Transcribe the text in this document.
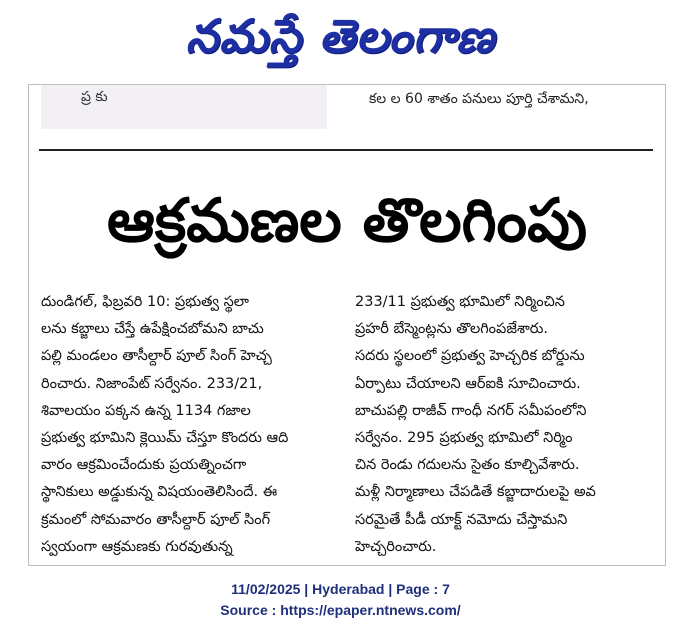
నమస్తే తెలంగాణ
ప్ర కు	కల ల 60 శాతం పనులు పూర్తి చేశామని,
ఆక్రమణల తొలగింపు
దుండిగల్‌, ఫిబ్రవరి 10: ప్రభుత్వ స్థలా
లను కబ్జాలు చేస్తే ఉపేక్షించబోమని బాచు
పల్లి మండలం తాసీల్దార్‌ పూల్‌ సింగ్‌ హెచ్చ
రించారు. నిజాంపేట్‌ సర్వేనం. 233/21,
శివాలయం పక్కన ఉన్న 1134 గజాల
ప్రభుత్వ భూమిని క్లెయిమ్‌ చేస్తూ కొందరు ఆది
వారం ఆక్రమించేందుకు ప్రయత్నించగా
స్థానికులు అడ్డుకున్న విషయంతెలిసిందే. ఈ
క్రమంలో సోమవారం తాసీల్దార్‌ పూల్‌ సింగ్‌
స్వయంగా ఆక్రమణకు గురవుతున్న
233/11 ప్రభుత్వ భూమిలో నిర్మించిన
ప్రహరీ బేస్మెంట్లను తొలగింపజేశారు.
సదరు స్థలంలో ప్రభుత్వ హెచ్చరిక బోర్డును
ఏర్పాటు చేయాలని ఆర్‌ఐకి సూచించారు.
బాచుపల్లి రాజీవ్‌ గాంధీ నగర్‌ సమీపంలోని
సర్వేనం. 295 ప్రభుత్వ భూమిలో నిర్మిం
చిన రెండు గదులను సైతం కూల్చివేశారు.
మళ్లీ నిర్మాణాలు చేపడితే కబ్జాదారులపై అవ
సరమైతే పీడీ యాక్ట్‌ నమోదు చేస్తామని
హెచ్చరించారు.
11/02/2025 | Hyderabad | Page : 7
Source : https://epaper.ntnews.com/
